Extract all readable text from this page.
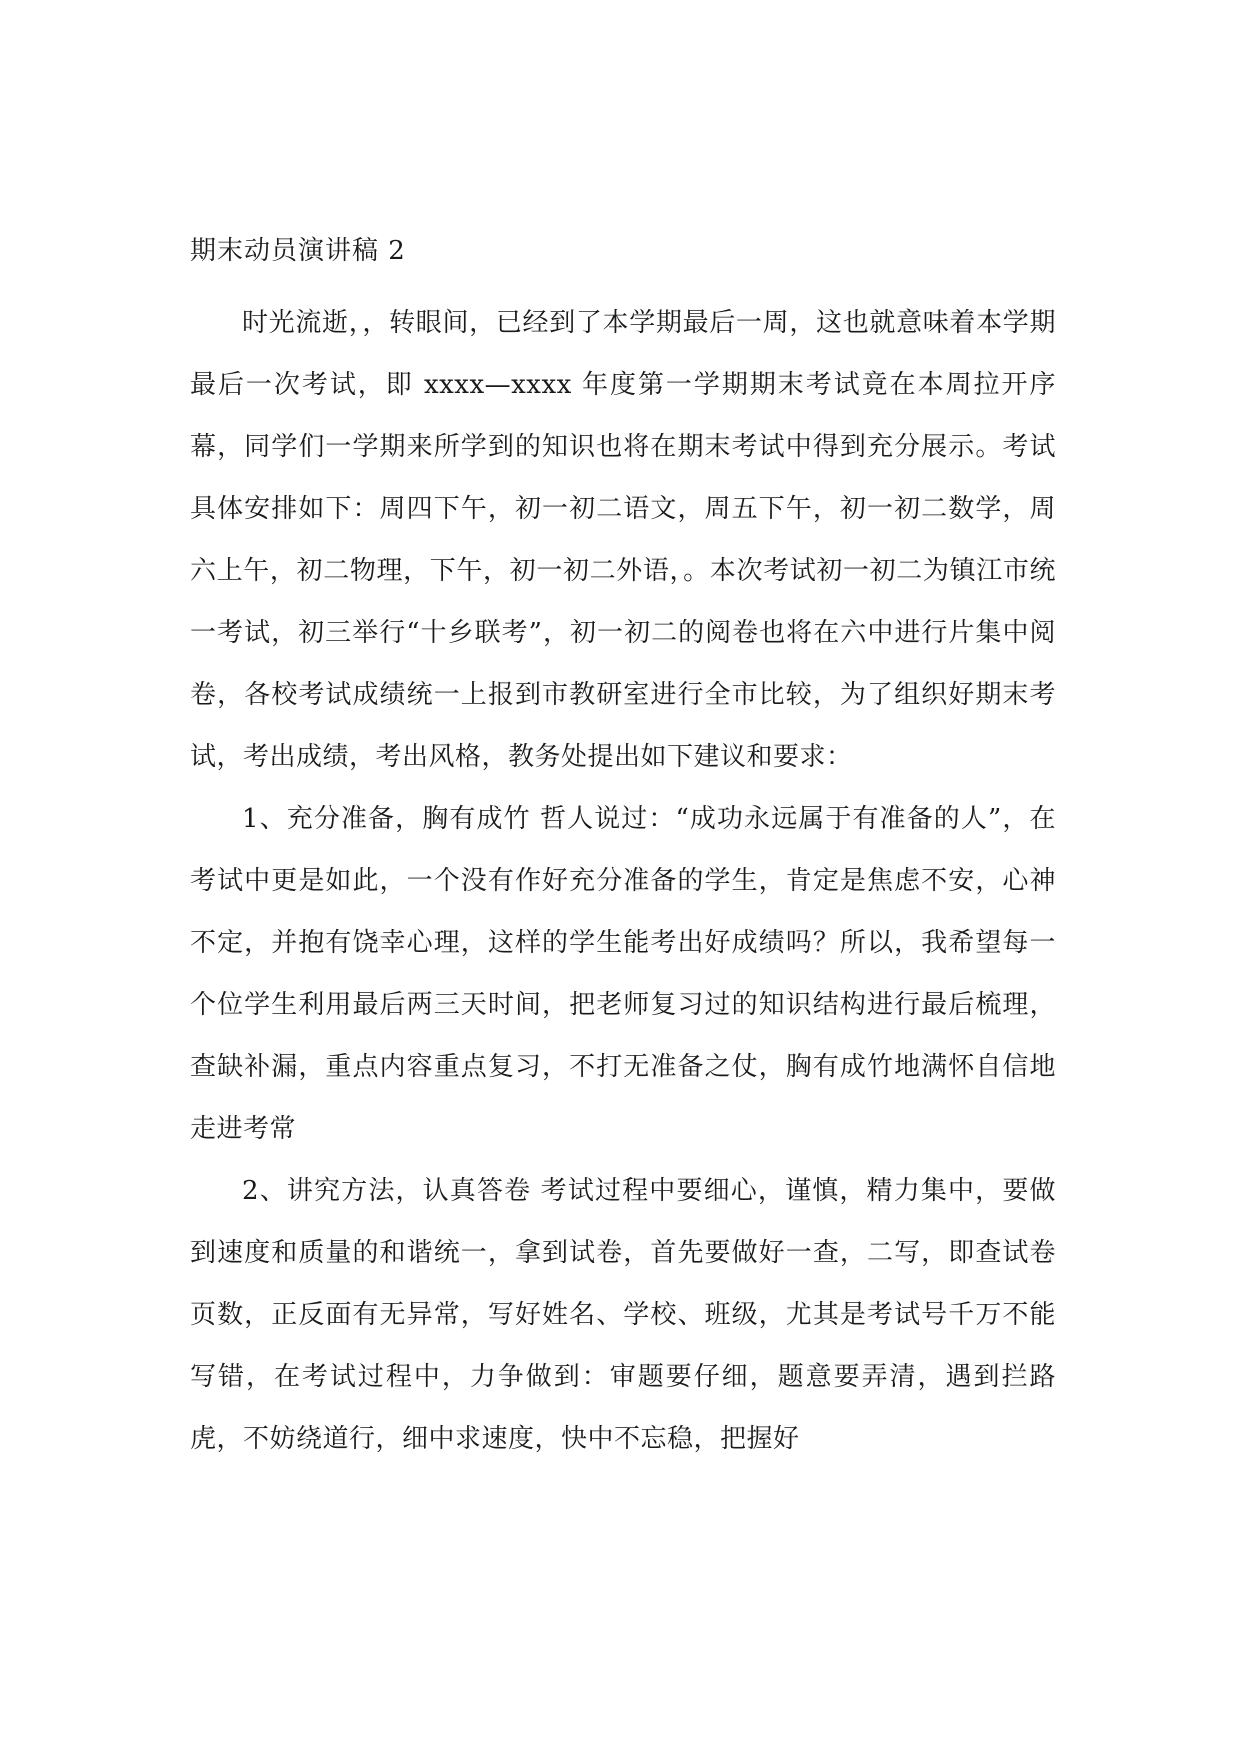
期末动员演讲稿 2

时光流逝，，转眼间，已经到了本学期最后一周，这也就意味着本学期最后一次考试，即 xxxx—xxxx 年度第一学期期末考试竟在本周拉开序幕，同学们一学期来所学到的知识也将在期末考试中得到充分展示。考试具体安排如下：周四下午，初一初二语文，周五下午，初一初二数学，周六上午，初二物理，下午，初一初二外语，。本次考试初一初二为镇江市统一考试，初三举行“十乡联考”，初一初二的阅卷也将在六中进行片集中阅卷，各校考试成绩统一上报到市教研室进行全市比较，为了组织好期末考试，考出成绩，考出风格，教务处提出如下建议和要求：

1、充分准备，胸有成竹 哲人说过：“成功永远属于有准备的人”，在考试中更是如此，一个没有作好充分准备的学生，肯定是焦虑不安，心神不定，并抱有饶幸心理，这样的学生能考出好成绩吗？所以，我希望每一个位学生利用最后两三天时间，把老师复习过的知识结构进行最后梳理，查缺补漏，重点内容重点复习，不打无准备之仗，胸有成竹地满怀自信地走进考常

2、讲究方法，认真答卷 考试过程中要细心，谨慎，精力集中，要做到速度和质量的和谐统一，拿到试卷，首先要做好一查，二写，即查试卷页数，正反面有无异常，写好姓名、学校、班级，尤其是考试号千万不能写错，在考试过程中，力争做到：审题要仔细，题意要弄清，遇到拦路虎，不妨绕道行，细中求速度，快中不忘稳，把握好
